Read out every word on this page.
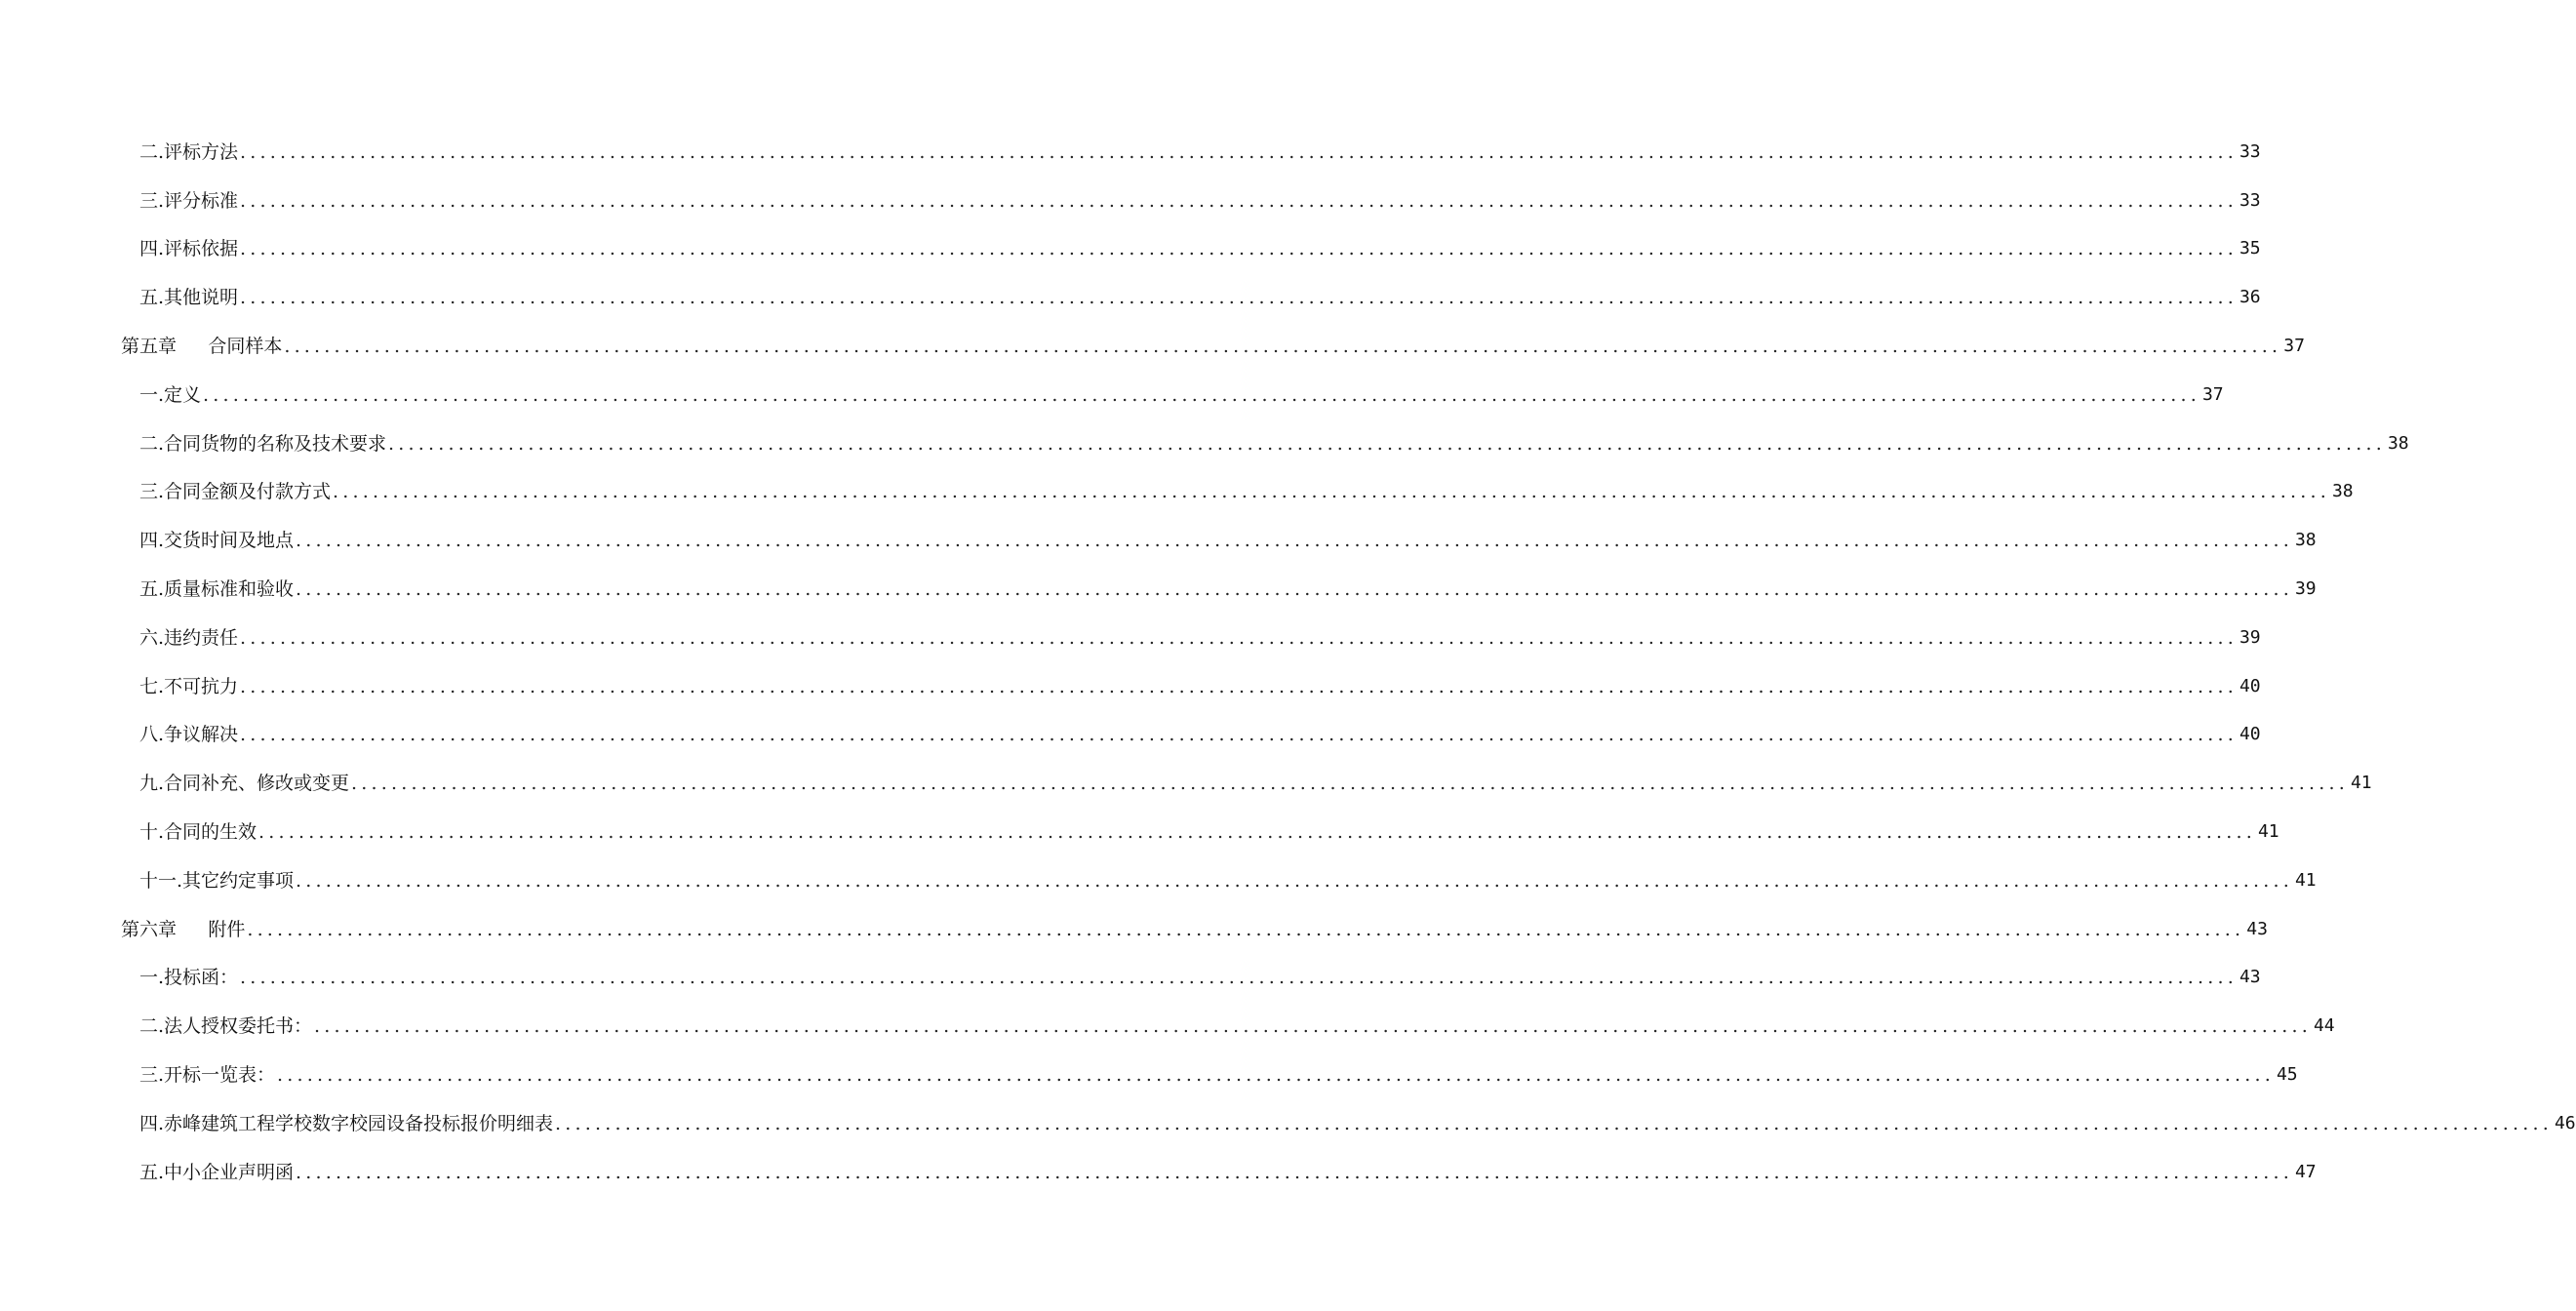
二.评标方法 ........................................................................................................................................................................................................ 33
三.评分标准 ........................................................................................................................................................................................................ 33
四.评标依据 ........................................................................................................................................................................................................ 35
五.其他说明 ........................................................................................................................................................................................................ 36
第五章 合同样本 ........................................................................................................................................................................................................ 37
一.定义 ........................................................................................................................................................................................................ 37
二.合同货物的名称及技术要求 ........................................................................................................................................................................................................ 38
三.合同金额及付款方式 ........................................................................................................................................................................................................ 38
四.交货时间及地点 ........................................................................................................................................................................................................ 38
五.质量标准和验收 ........................................................................................................................................................................................................ 39
六.违约责任 ........................................................................................................................................................................................................ 39
七.不可抗力 ........................................................................................................................................................................................................ 40
八.争议解决 ........................................................................................................................................................................................................ 40
九.合同补充、修改或变更 ........................................................................................................................................................................................................ 41
十.合同的生效 ........................................................................................................................................................................................................ 41
十一.其它约定事项 ........................................................................................................................................................................................................ 41
第六章 附件 ........................................................................................................................................................................................................ 43
一.投标函： ........................................................................................................................................................................................................ 43
二.法人授权委托书： ........................................................................................................................................................................................................ 44
三.开标一览表： ........................................................................................................................................................................................................ 45
四.赤峰建筑工程学校数字校园设备投标报价明细表 ........................................................................................................................................................................................................ 46
五.中小企业声明函 ........................................................................................................................................................................................................ 47
